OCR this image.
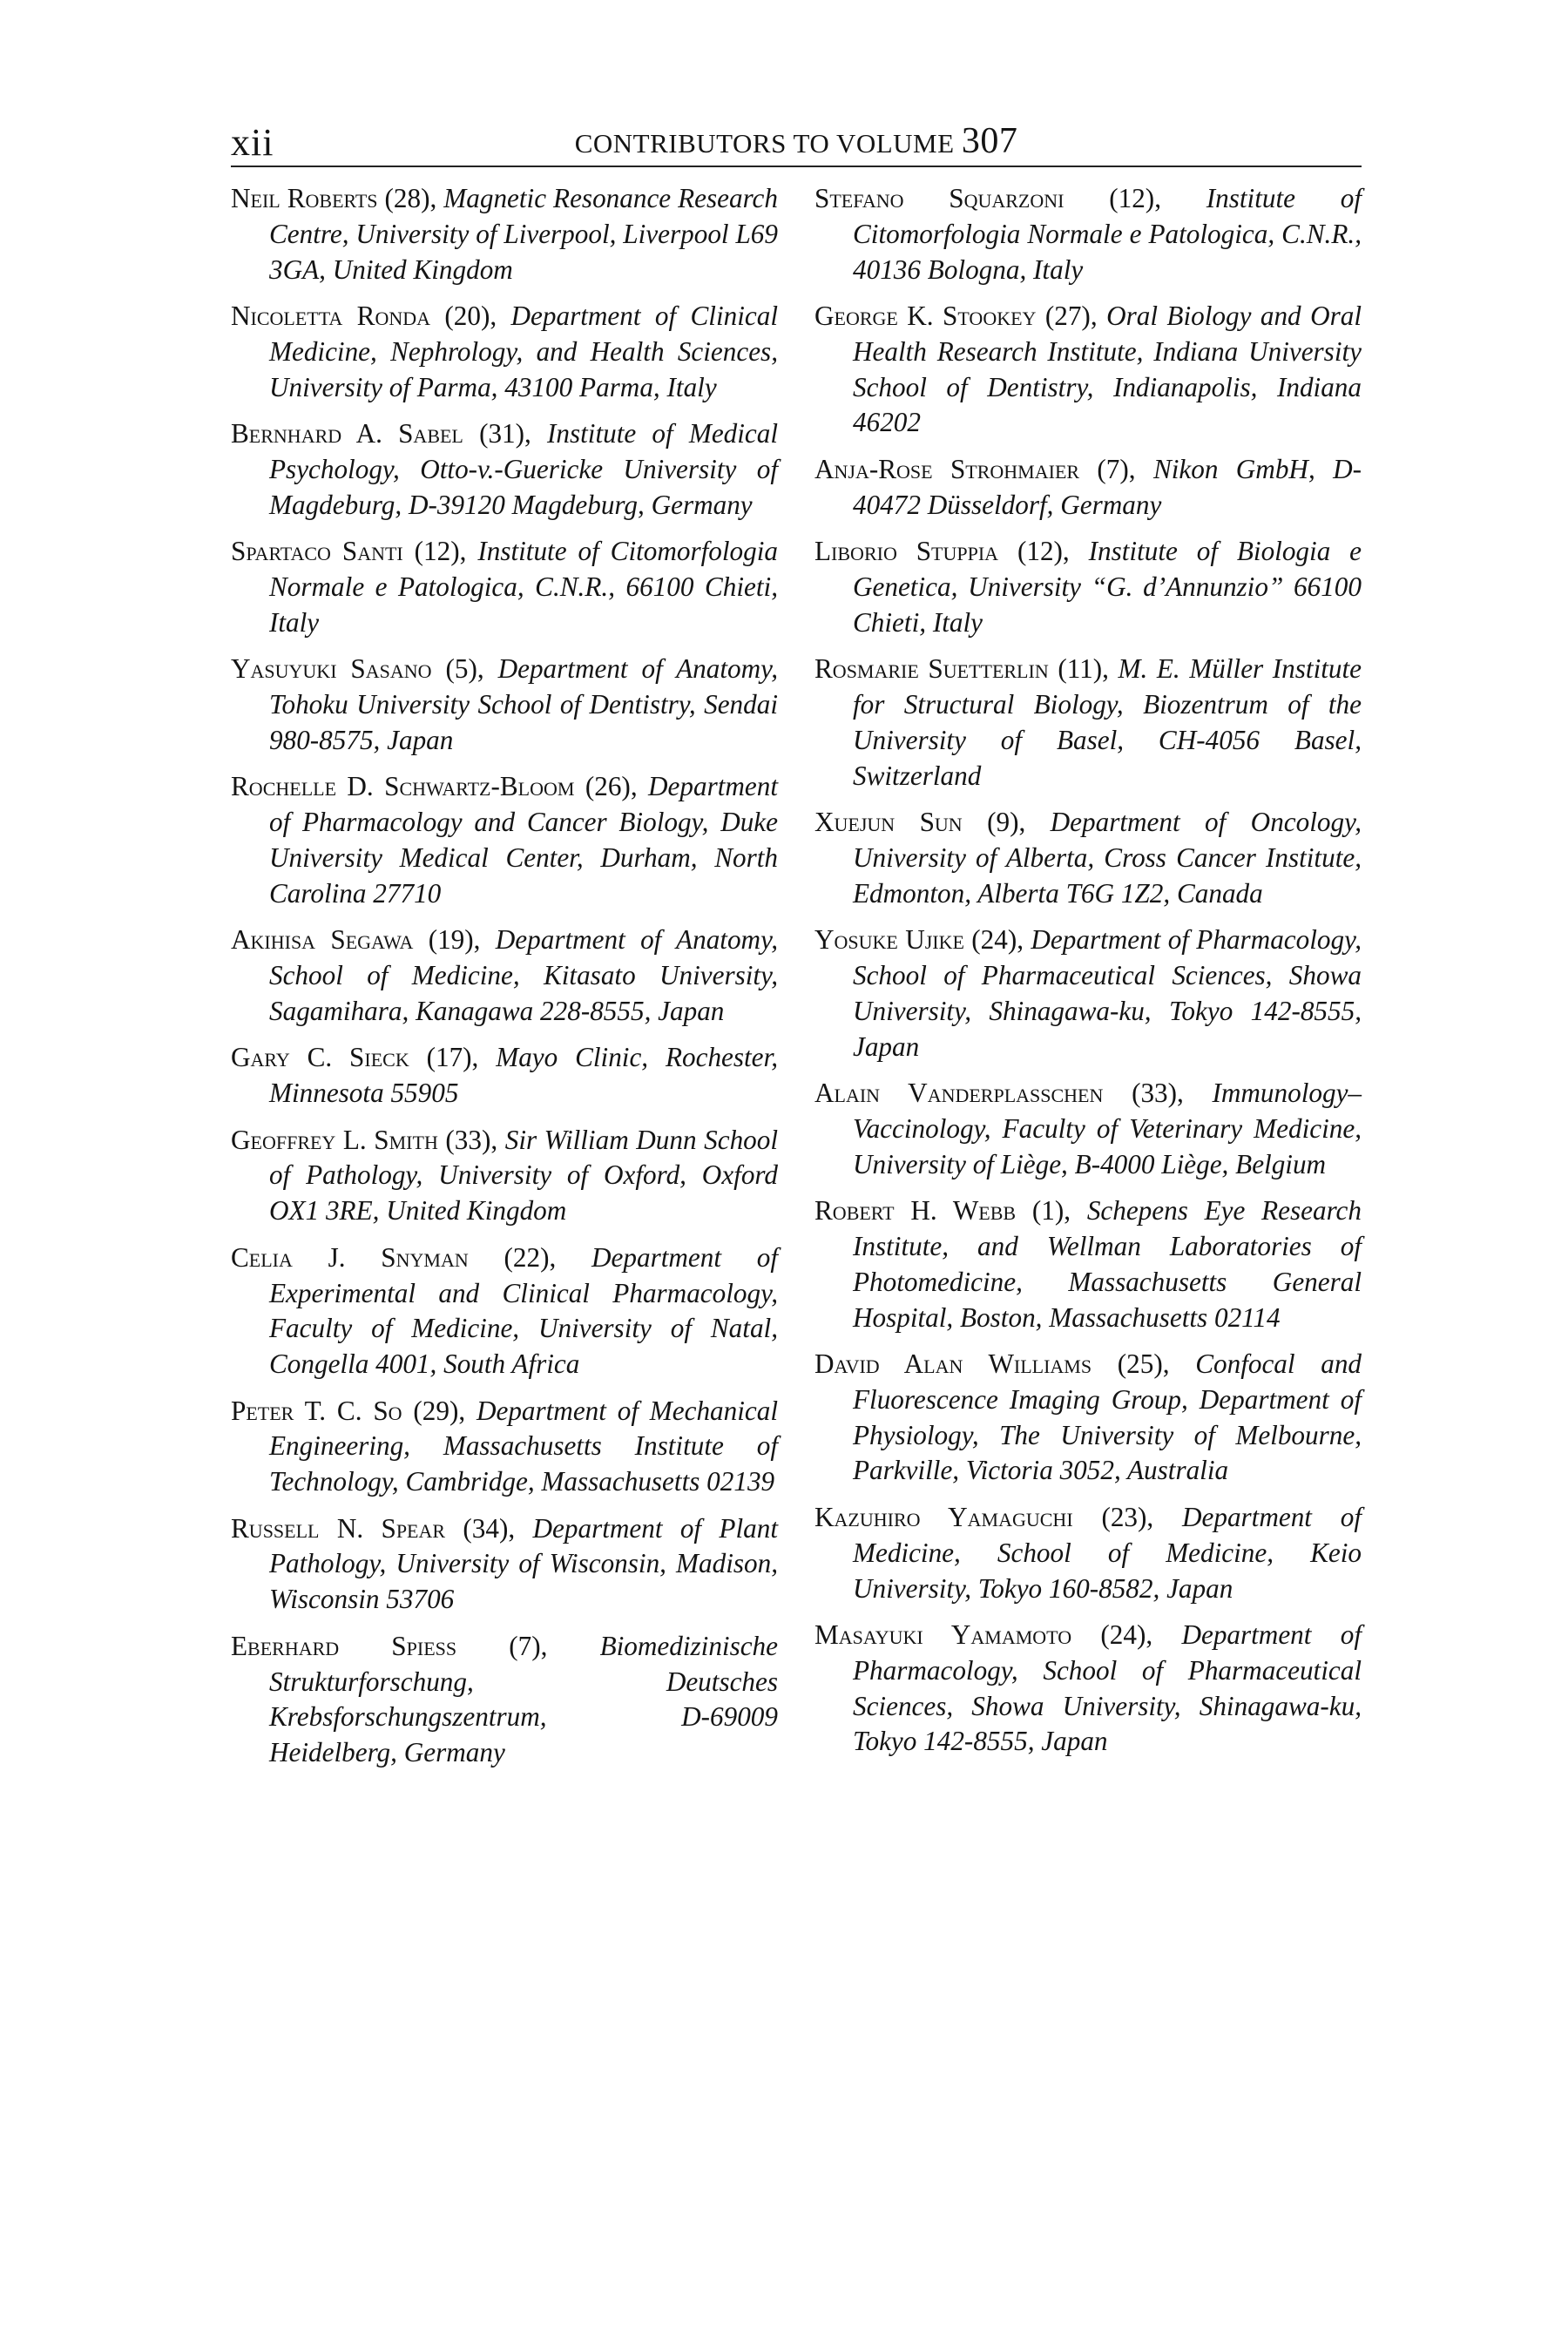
xii	CONTRIBUTORS TO VOLUME 307

Neil Roberts (28), Magnetic Resonance Research Centre, University of Liverpool, Liverpool L69 3GA, United Kingdom

Nicoletta Ronda (20), Department of Clinical Medicine, Nephrology, and Health Sciences, University of Parma, 43100 Parma, Italy

Bernhard A. Sabel (31), Institute of Medical Psychology, Otto-v.-Guericke University of Magdeburg, D-39120 Magdeburg, Germany

Spartaco Santi (12), Institute of Citomorfologia Normale e Patologica, C.N.R., 66100 Chieti, Italy

Yasuyuki Sasano (5), Department of Anatomy, Tohoku University School of Dentistry, Sendai 980-8575, Japan

Rochelle D. Schwartz-Bloom (26), Department of Pharmacology and Cancer Biology, Duke University Medical Center, Durham, North Carolina 27710

Akihisa Segawa (19), Department of Anatomy, School of Medicine, Kitasato University, Sagamihara, Kanagawa 228-8555, Japan

Gary C. Sieck (17), Mayo Clinic, Rochester, Minnesota 55905

Geoffrey L. Smith (33), Sir William Dunn School of Pathology, University of Oxford, Oxford OX1 3RE, United Kingdom

Celia J. Snyman (22), Department of Experimental and Clinical Pharmacology, Faculty of Medicine, University of Natal, Congella 4001, South Africa

Peter T. C. So (29), Department of Mechanical Engineering, Massachusetts Institute of Technology, Cambridge, Massachusetts 02139

Russell N. Spear (34), Department of Plant Pathology, University of Wisconsin, Madison, Wisconsin 53706

Eberhard Spiess (7), Biomedizinische Strukturforschung, Deutsches Krebsforschungszentrum, D-69009 Heidelberg, Germany

Stefano Squarzoni (12), Institute of Citomorfologia Normale e Patologica, C.N.R., 40136 Bologna, Italy

George K. Stookey (27), Oral Biology and Oral Health Research Institute, Indiana University School of Dentistry, Indianapolis, Indiana 46202

Anja-Rose Strohmaier (7), Nikon GmbH, D-40472 Düsseldorf, Germany

Liborio Stuppia (12), Institute of Biologia e Genetica, University “G. d’Annunzio” 66100 Chieti, Italy

Rosmarie Suetterlin (11), M. E. Müller Institute for Structural Biology, Biozentrum of the University of Basel, CH-4056 Basel, Switzerland

Xuejun Sun (9), Department of Oncology, University of Alberta, Cross Cancer Institute, Edmonton, Alberta T6G 1Z2, Canada

Yosuke Ujike (24), Department of Pharmacology, School of Pharmaceutical Sciences, Showa University, Shinagawa-ku, Tokyo 142-8555, Japan

Alain Vanderplasschen (33), Immunology–Vaccinology, Faculty of Veterinary Medicine, University of Liège, B-4000 Liège, Belgium

Robert H. Webb (1), Schepens Eye Research Institute, and Wellman Laboratories of Photomedicine, Massachusetts General Hospital, Boston, Massachusetts 02114

David Alan Williams (25), Confocal and Fluorescence Imaging Group, Department of Physiology, The University of Melbourne, Parkville, Victoria 3052, Australia

Kazuhiro Yamaguchi (23), Department of Medicine, School of Medicine, Keio University, Tokyo 160-8582, Japan

Masayuki Yamamoto (24), Department of Pharmacology, School of Pharmaceutical Sciences, Showa University, Shinagawa-ku, Tokyo 142-8555, Japan
